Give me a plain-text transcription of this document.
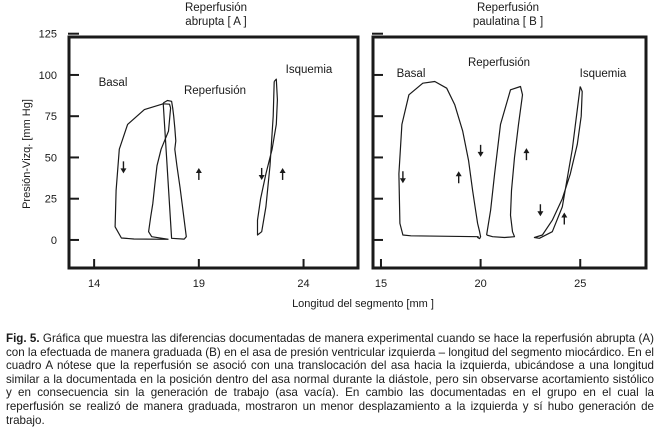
Presión-Vizq. [mm Hg]
Longitud del segmento [mm ]
Reperfusión
abrupta [ A ]
0
25
50
75
100
125
14	19	24
Basal
Reperfusión
Isquemia
Reperfusión
paulatina [ B ]
15	20	25
Basal
Reperfusión
Isquemia
Fig. 5. Gráfica que muestra las diferencias documentadas de manera experimental cuando se hace la reperfusión abrupta (A) con la efectuada de manera graduada (B) en el asa de presión ventricular izquierda – longitud del segmento miocárdico. En el cuadro A nótese que la reperfusión se asoció con una translocación del asa hacia la izquierda, ubicándose a una longitud similar a la documentada en la posición dentro del asa normal durante la diástole, pero sin observarse acortamiento sistólico y en consecuencia sin la generación de trabajo (asa vacía). En cambio las documentadas en el grupo en el cual la reperfusión se realizó de manera graduada, mostraron un menor desplazamiento a la izquierda y sí hubo generación de trabajo.
